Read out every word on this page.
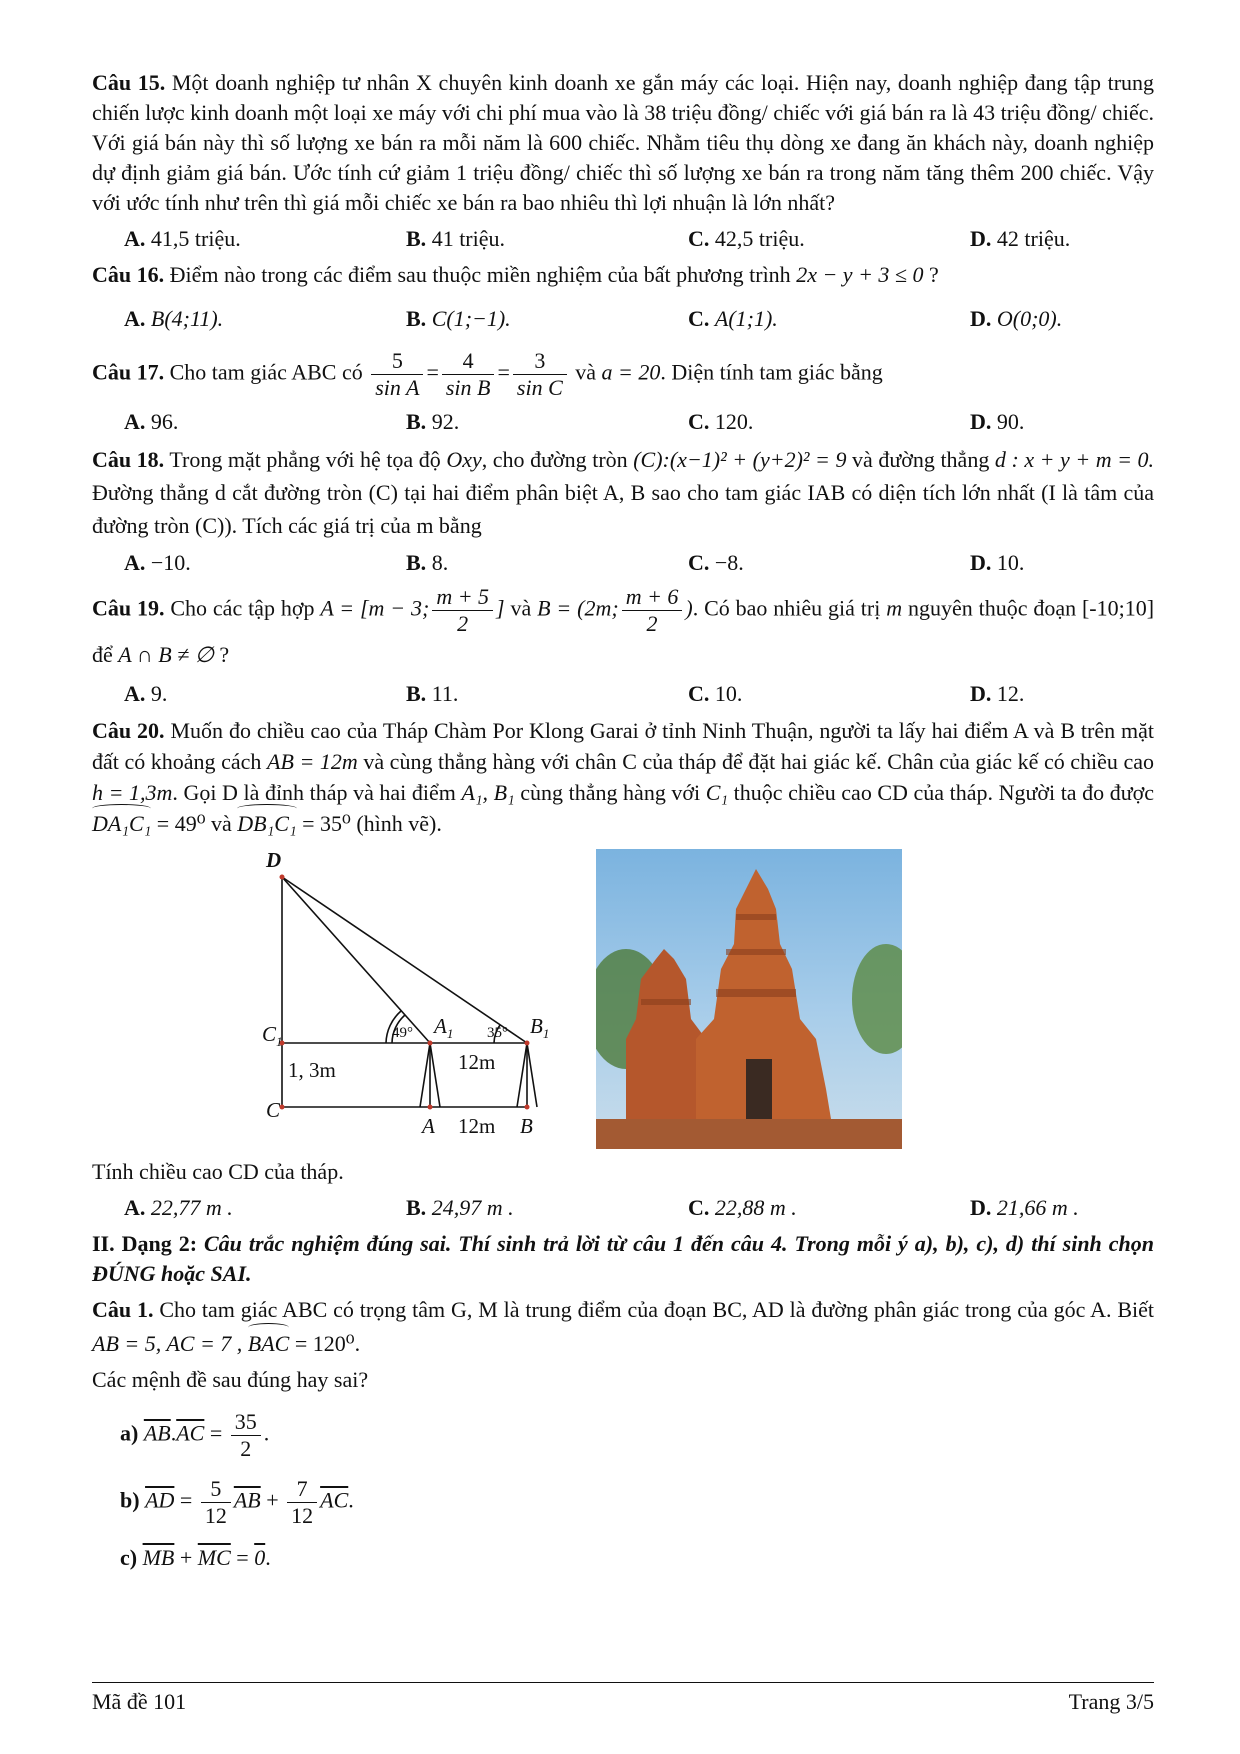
Câu 15. Một doanh nghiệp tư nhân X chuyên kinh doanh xe gắn máy các loại. Hiện nay, doanh nghiệp đang tập trung chiến lược kinh doanh một loại xe máy với chi phí mua vào là 38 triệu đồng/ chiếc với giá bán ra là 43 triệu đồng/ chiếc. Với giá bán này thì số lượng xe bán ra mỗi năm là 600 chiếc. Nhằm tiêu thụ dòng xe đang ăn khách này, doanh nghiệp dự định giảm giá bán. Ước tính cứ giảm 1 triệu đồng/ chiếc thì số lượng xe bán ra trong năm tăng thêm 200 chiếc. Vậy với ước tính như trên thì giá mỗi chiếc xe bán ra bao nhiêu thì lợi nhuận là lớn nhất?

A. 41,5 triệu.	B. 41 triệu.	C. 42,5 triệu.	D. 42 triệu.

Câu 16. Điểm nào trong các điểm sau thuộc miền nghiệm của bất phương trình 2x − y + 3 ≤ 0 ?

A. B(4;11).	B. C(1;−1).	C. A(1;1).	D. O(0;0).

Câu 17. Cho tam giác ABC có $\frac{5}{\text{sin A}} = \frac{4}{\text{sin B}} = \frac{3}{\text{sin C}}$ và a = 20. Diện tính tam giác bằng

A. 96.	B. 92.	C. 120.	D. 90.

Câu 18. Trong mặt phẳng với hệ tọa độ Oxy, cho đường tròn (C):(x−1)² + (y+2)² = 9 và đường thẳng d : x + y + m = 0. Đường thẳng d cắt đường tròn (C) tại hai điểm phân biệt A, B sao cho tam giác IAB có diện tích lớn nhất (I là tâm của đường tròn (C)). Tích các giá trị của m bằng

A. −10.	B. 8.	C. −8.	D. 10.

Câu 19. Cho các tập hợp A = [m − 3; $\frac{m + 5}{2}$ ] và B = (2m; $\frac{m + 6}{2}$ ). Có bao nhiêu giá trị m nguyên thuộc đoạn [-10;10] để A ∩ B ≠ ∅ ?

A. 9.	B. 11.	C. 10.	D. 12.

Câu 20. Muốn đo chiều cao của Tháp Chàm Por Klong Garai ở tỉnh Ninh Thuận, người ta lấy hai điểm A và B trên mặt đất có khoảng cách AB = 12m và cùng thẳng hàng với chân C của tháp để đặt hai giác kế. Chân của giác kế có chiều cao h = 1,3m. Gọi D là đỉnh tháp và hai điểm A₁, B₁ cùng thẳng hàng với C₁ thuộc chiều cao CD của tháp. Người ta đo được DA₁C₁ = 49⁰ và DB₁C₁ = 35⁰ (hình vẽ).

D
$C_1$
C
$A_1$	$B_1$
A	B
49°	35°
1, 3m	12m
12m

Tính chiều cao CD của tháp.

A. 22,77 m .	B. 24,97 m .	C. 22,88 m .	D. 21,66 m .

II. Dạng 2: Câu trắc nghiệm đúng sai. Thí sinh trả lời từ câu 1 đến câu 4. Trong mỗi ý a), b), c), d) thí sinh chọn ĐÚNG hoặc SAI.

Câu 1. Cho tam giác ABC có trọng tâm G, M là trung điểm của đoạn BC, AD là đường phân giác trong của góc A. Biết AB = 5, AC = 7 , BAC = 120⁰.

Các mệnh đề sau đúng hay sai?

a) $\overline{AB}.\overline{AC} = \frac{35}{2}$ .
b) $\overline{AD} = \frac{5}{12} \overline{AB} + \frac{7}{12} \overline{AC}$.
c) $\overline{MB} + \overline{MC} = 0$.
Mã đề 101	Trang 3/5
